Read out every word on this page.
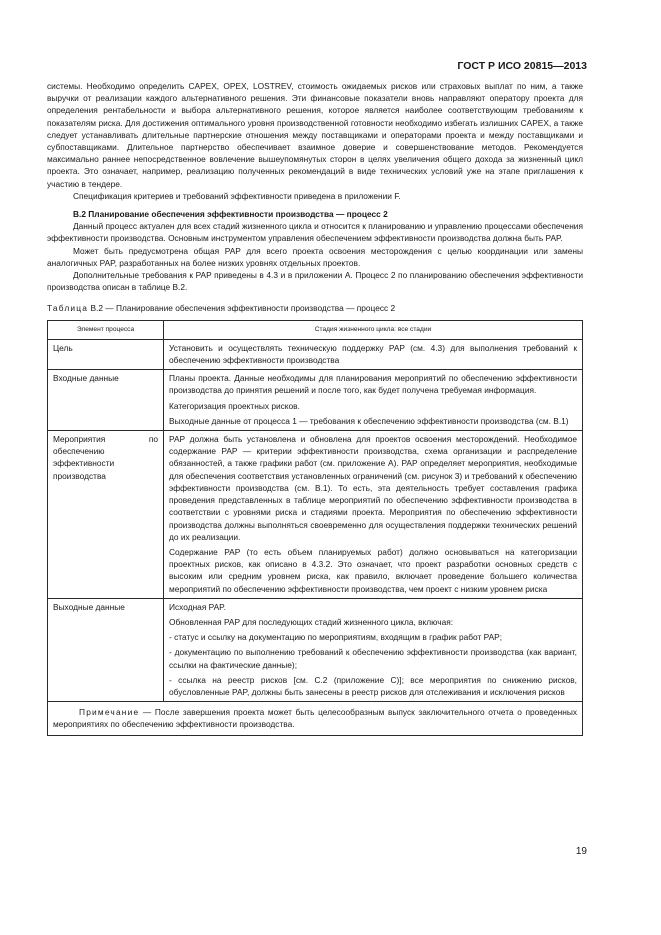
ГОСТ Р ИСО 20815—2013

системы. Необходимо определить CAPEX, OPEX, LOSTREV, стоимость ожидаемых рисков или страховых выплат по ним, а также выручки от реализации каждого альтернативного решения. Эти финансовые показатели вновь направляют оператору проекта для определения рентабельности и выбора альтернативного решения, которое является наиболее соответствующим требованиям к показателям риска. Для достижения оптимального уровня производственной готовности необходимо избегать излишних CAPEX, а также следует устанавливать длительные партнерские отношения между поставщиками и операторами проекта и между поставщиками и субпоставщиками. Длительное партнерство обеспечивает взаимное доверие и совершенствование методов. Рекомендуется максимально раннее непосредственное вовлечение вышеупомянутых сторон в целях увеличения общего дохода за жизненный цикл проекта. Это означает, например, реализацию полученных рекомендаций в виде технических условий уже на этапе приглашения к участию в тендере.

Спецификация критериев и требований эффективности приведена в приложении F.

B.2 Планирование обеспечения эффективности производства — процесс 2

Данный процесс актуален для всех стадий жизненного цикла и относится к планированию и управлению процессами обеспечения эффективности производства. Основным инструментом управления обеспечением эффективности производства должна быть PAP.

Может быть предусмотрена общая PAP для всего проекта освоения месторождения с целью координации или замены аналогичных PAP, разработанных на более низких уровнях отдельных проектов.

Дополнительные требования к PAP приведены в 4.3 и в приложении А. Процесс 2 по планированию обеспечения эффективности производства описан в таблице B.2.

Таблица B.2 — Планирование обеспечения эффективности производства — процесс 2

Элемент процесса	Стадия жизненного цикла: все стадии
Цель	Установить и осуществлять техническую поддержку PAP (см. 4.3) для выполнения требований к обеспечению эффективности производства

Входные данные	Планы проекта. Данные необходимы для планирования мероприятий по обеспечению эффективности производства до принятия решений и после того, как будет получена требуемая информация.

Категоризация проектных рисков.

Выходные данные от процесса 1 — требования к обеспечению эффективности производства (см. B.1)

Мероприятия по обеспечению эффективности производства	PAP должна быть установлена и обновлена для проектов освоения месторождений. Необходимое содержание PAP — критерии эффективности производства, схема организации и распределение обязанностей, а также графики работ (см. приложение А). PAP определяет мероприятия, необходимые для обеспечения соответствия установленных ограничений (см. рисунок 3) и требований к обеспечению эффективности производства (см. B.1). То есть, эта деятельность требует составления графика проведения представленных в таблице мероприятий по обеспечению эффективности производства в соответствии с уровнями риска и стадиями проекта. Мероприятия по обеспечению эффективности производства должны выполняться своевременно для осуществления поддержки технических решений до их реализации.

Содержание PAP (то есть объем планируемых работ) должно основываться на категоризации проектных рисков, как описано в 4.3.2. Это означает, что проект разработки основных средств с высоким или средним уровнем риска, как правило, включает проведение большего количества мероприятий по обеспечению эффективности производства, чем проект с низким уровнем риска

Выходные данные	Исходная PAP.

Обновленная PAP для последующих стадий жизненного цикла, включая:

- статус и ссылку на документацию по мероприятиям, входящим в график работ PAP;

- документацию по выполнению требований к обеспечению эффективности производства (как вариант, ссылки на фактические данные);

- ссылка на реестр рисков [см. C.2 (приложение C)]; все мероприятия по снижению рисков, обусловленные PAP, должны быть занесены в реестр рисков для отслеживания и исключения рисков

Примечание — После завершения проекта может быть целесообразным выпуск заключительного отчета о проведенных мероприятиях по обеспечению эффективности производства.	

19
